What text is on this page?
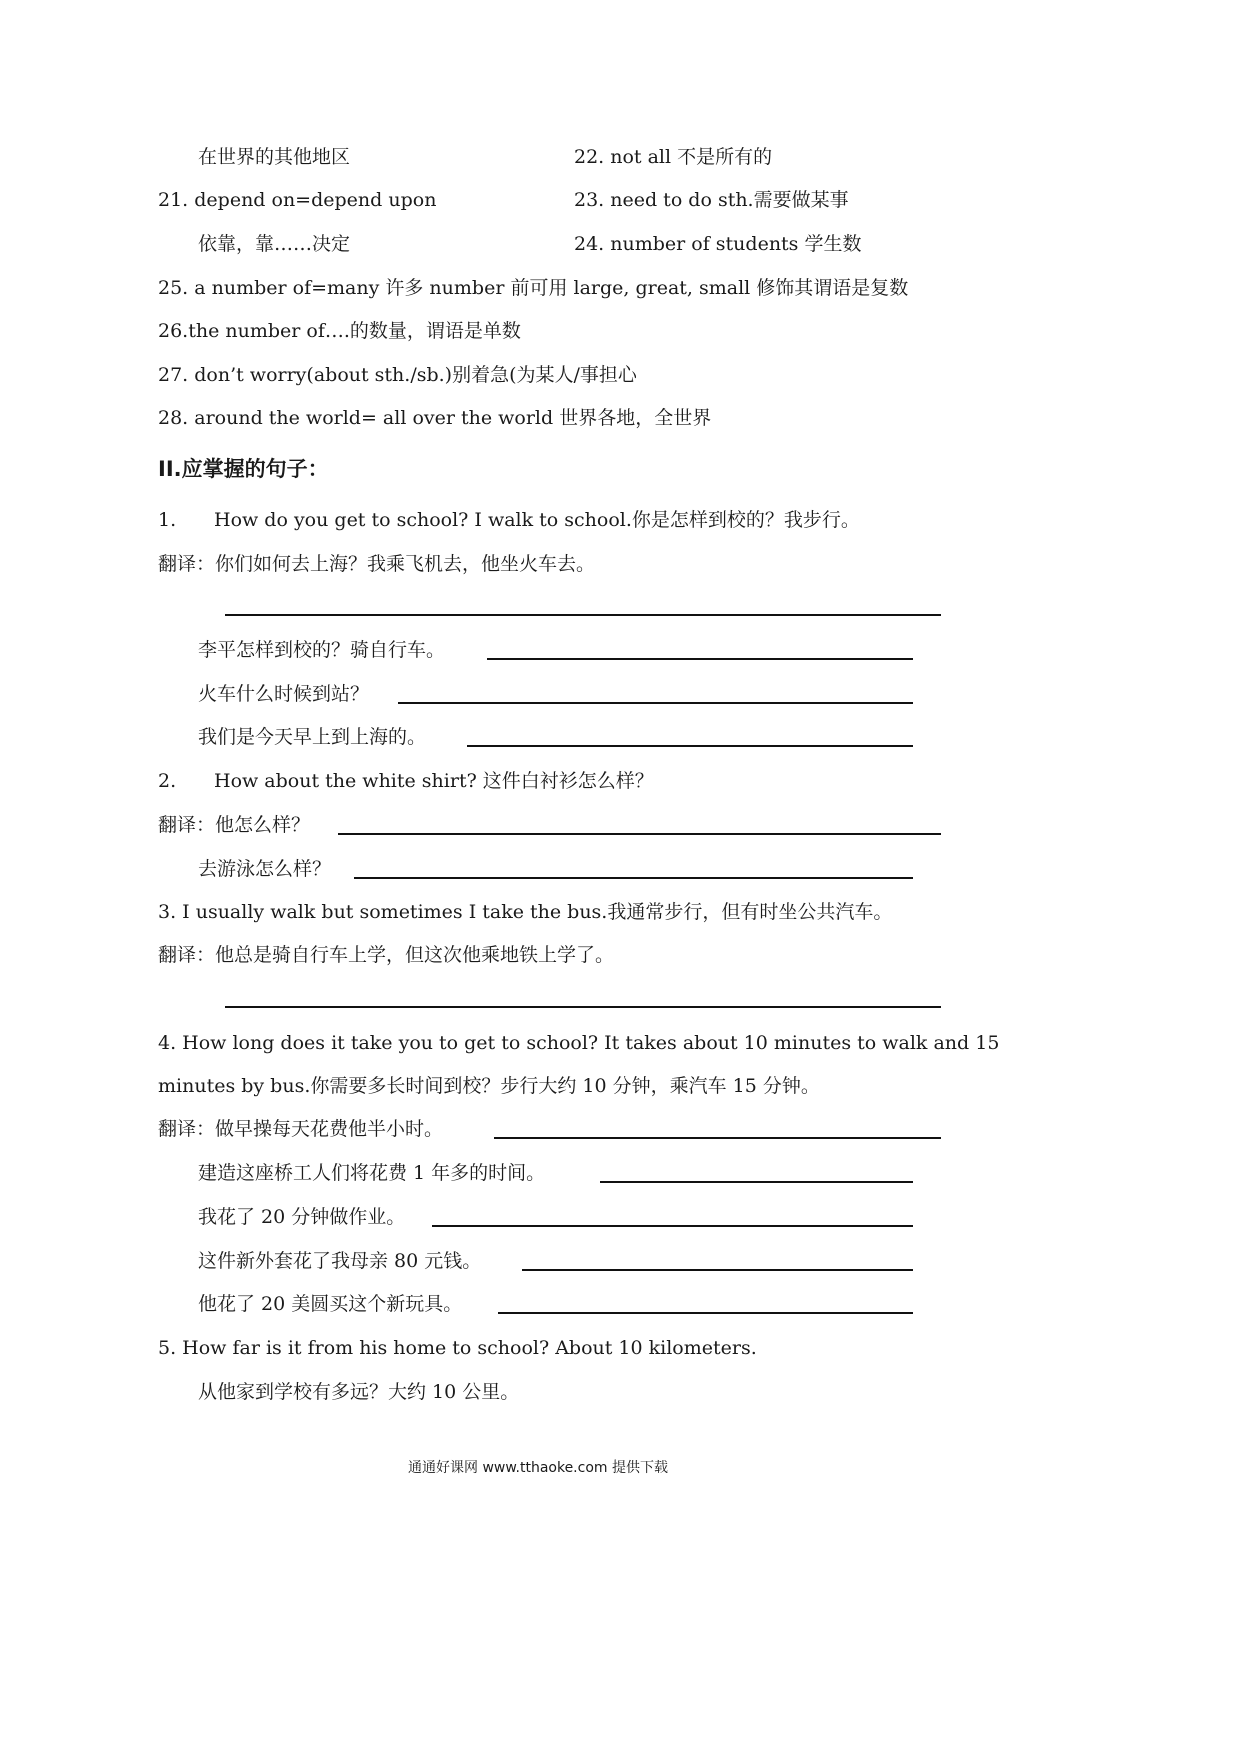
在世界的其他地区	22. not all 不是所有的
21. depend on=depend upon	23. need to do sth.需要做某事
依靠，靠……决定	24. number of students 学生数
25. a number of=many 许多 number 前可用 large, great, small 修饰其谓语是复数
26.the number of….的数量，谓语是单数
27. don’t worry(about sth./sb.)别着急(为某人/事担心
28. around the world= all over the world 世界各地，全世界
II.应掌握的句子：
1. How do you get to school? I walk to school.你是怎样到校的？我步行。
翻译：你们如何去上海？我乘飞机去，他坐火车去。
李平怎样到校的？骑自行车。
火车什么时候到站？
我们是今天早上到上海的。
2. How about the white shirt? 这件白衬衫怎么样？
翻译：他怎么样？
去游泳怎么样？
3. I usually walk but sometimes I take the bus.我通常步行，但有时坐公共汽车。
翻译：他总是骑自行车上学，但这次他乘地铁上学了。
4. How long does it take you to get to school? It takes about 10 minutes to walk and 15
minutes by bus.你需要多长时间到校？步行大约 10 分钟，乘汽车 15 分钟。
翻译：做早操每天花费他半小时。
建造这座桥工人们将花费 1 年多的时间。
我花了 20 分钟做作业。
这件新外套花了我母亲 80 元钱。
他花了 20 美圆买这个新玩具。
5. How far is it from his home to school? About 10 kilometers.
从他家到学校有多远？大约 10 公里。
通通好课网 www.tthaoke.com 提供下载
